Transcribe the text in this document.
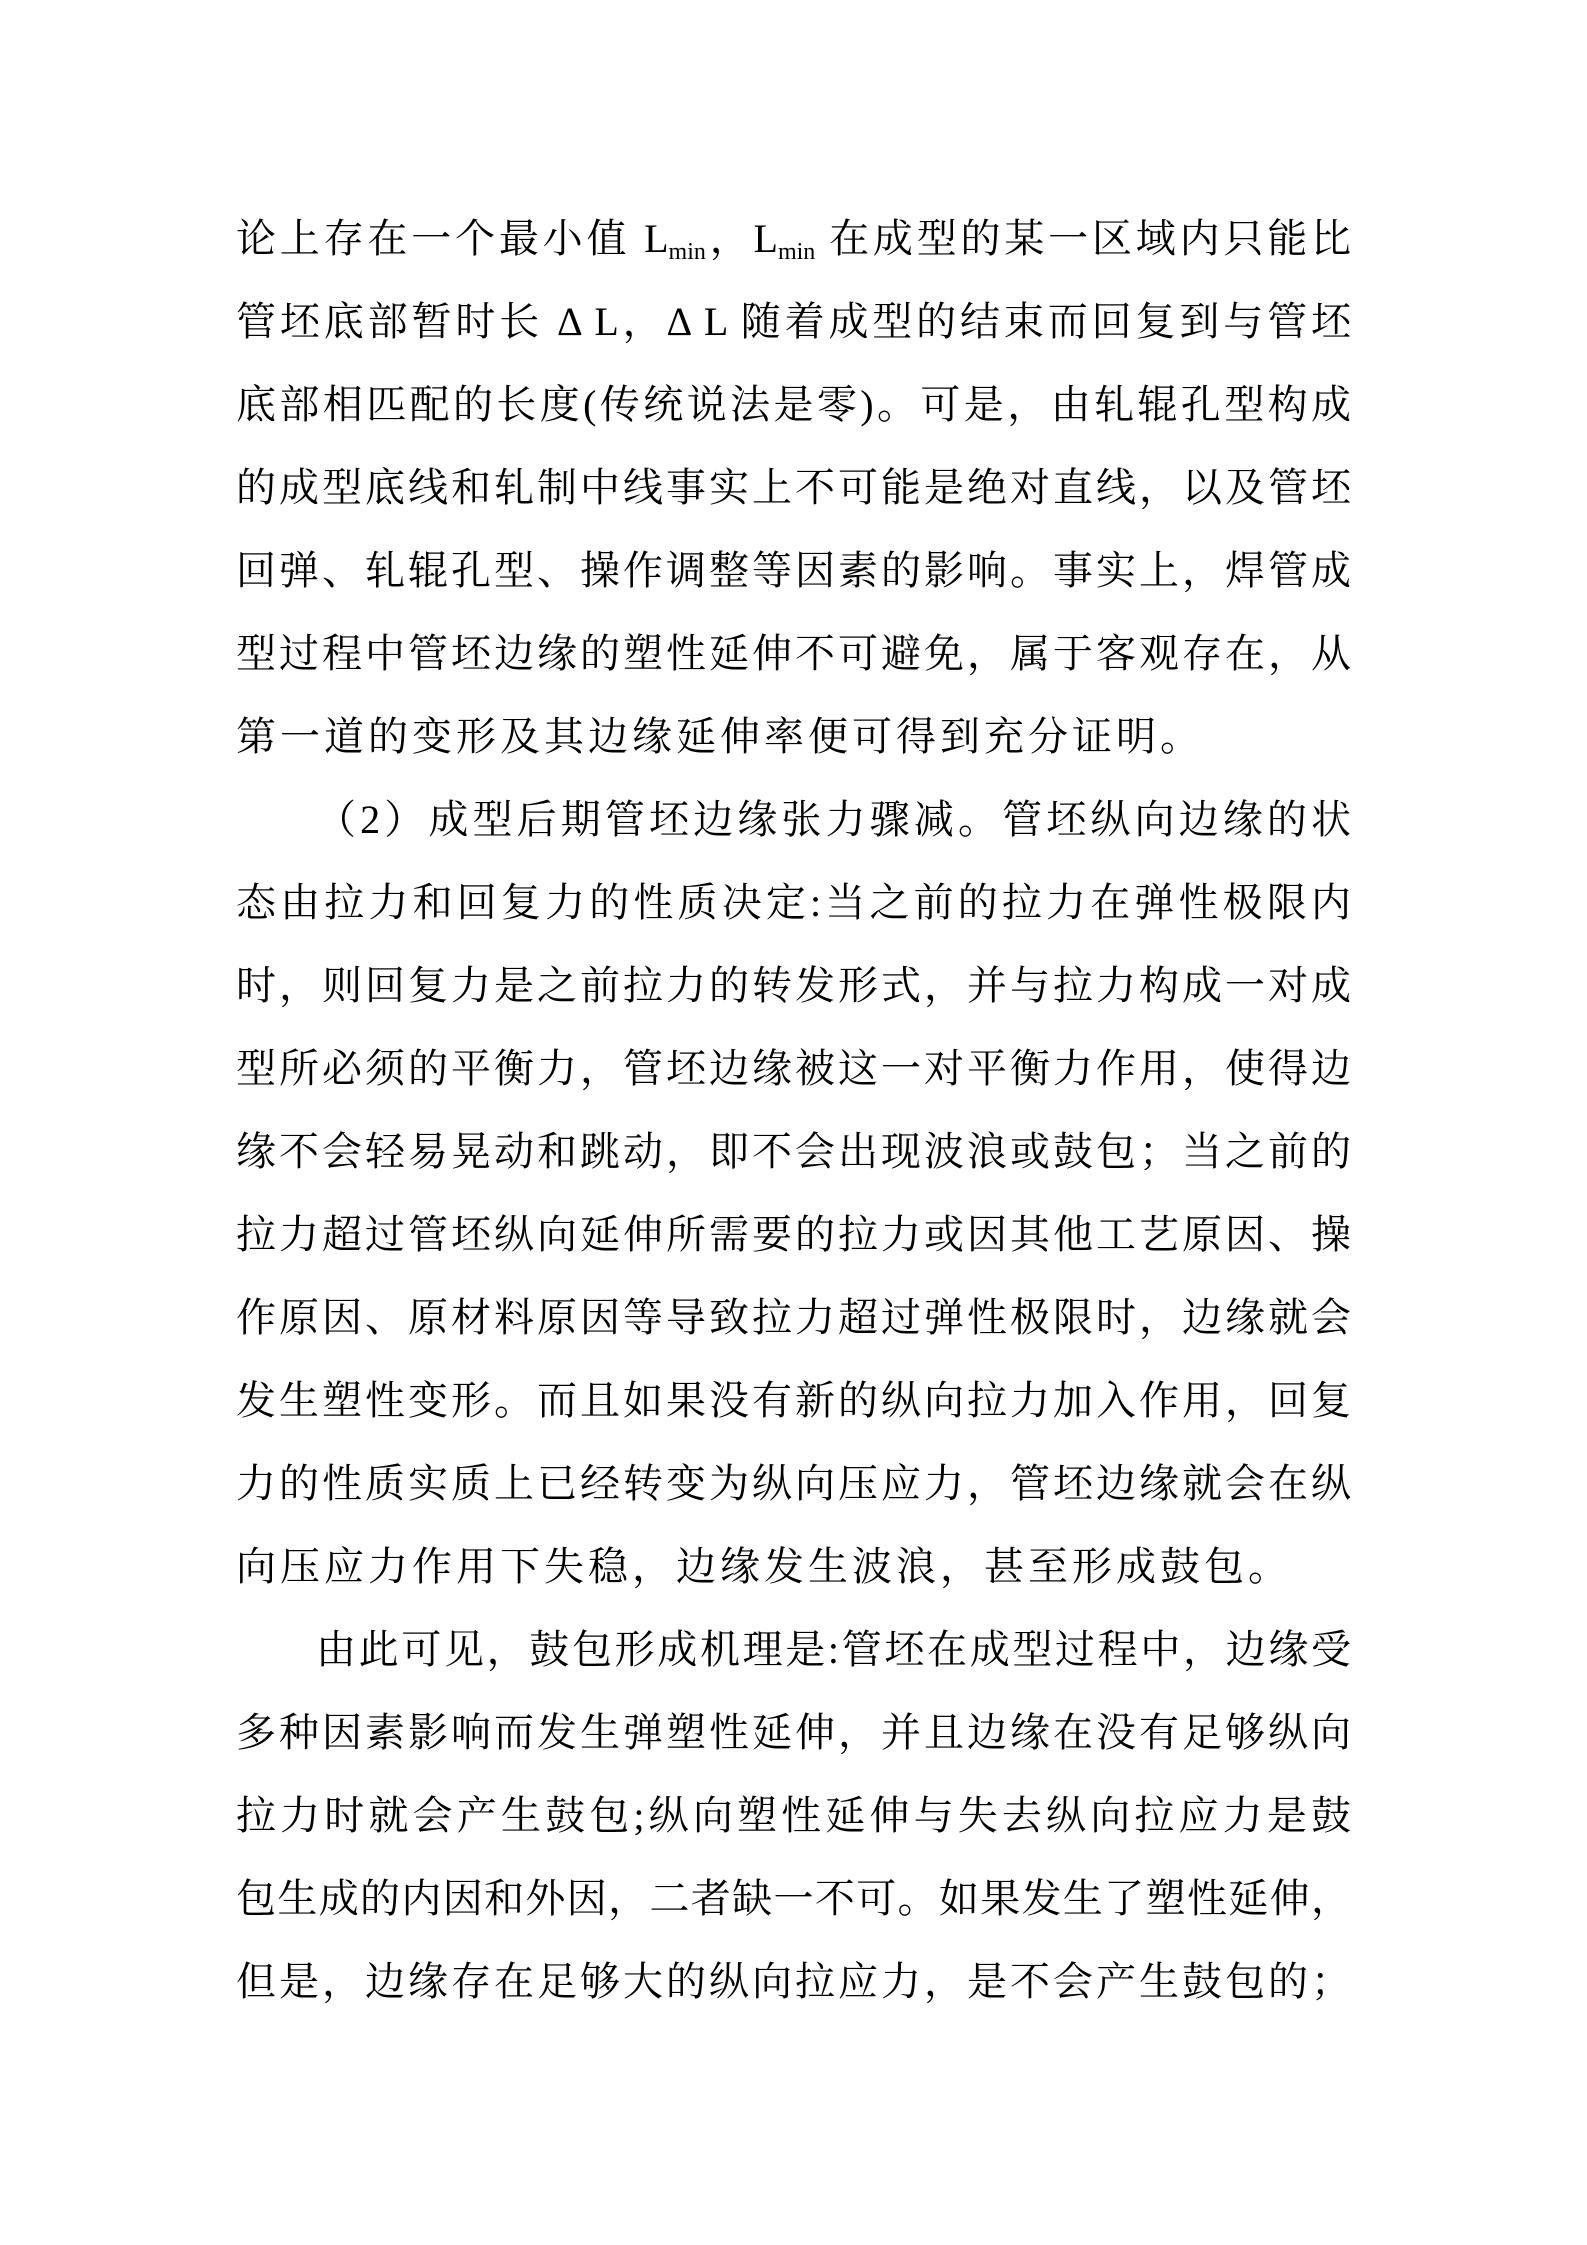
论上存在一个最小值 $L_{min}$，$L_{min}$ 在成型的某一区域内只能比
管坯底部暂时长 Δ L，Δ L 随着成型的结束而回复到与管坯
底部相匹配的长度(传统说法是零)。可是，由轧辊孔型构成
的成型底线和轧制中线事实上不可能是绝对直线，以及管坯
回弹、轧辊孔型、操作调整等因素的影响。事实上，焊管成
型过程中管坯边缘的塑性延伸不可避免，属于客观存在，从
第一道的变形及其边缘延伸率便可得到充分证明。
（2）成型后期管坯边缘张力骤减。管坯纵向边缘的状
态由拉力和回复力的性质决定:当之前的拉力在弹性极限内
时，则回复力是之前拉力的转发形式，并与拉力构成一对成
型所必须的平衡力，管坯边缘被这一对平衡力作用，使得边
缘不会轻易晃动和跳动，即不会出现波浪或鼓包；当之前的
拉力超过管坯纵向延伸所需要的拉力或因其他工艺原因、操
作原因、原材料原因等导致拉力超过弹性极限时，边缘就会
发生塑性变形。而且如果没有新的纵向拉力加入作用，回复
力的性质实质上已经转变为纵向压应力，管坯边缘就会在纵
向压应力作用下失稳，边缘发生波浪，甚至形成鼓包。
由此可见，鼓包形成机理是:管坯在成型过程中，边缘受
多种因素影响而发生弹塑性延伸，并且边缘在没有足够纵向
拉力时就会产生鼓包;纵向塑性延伸与失去纵向拉应力是鼓
包生成的内因和外因，二者缺一不可。如果发生了塑性延伸，
但是，边缘存在足够大的纵向拉应力，是不会产生鼓包的；
